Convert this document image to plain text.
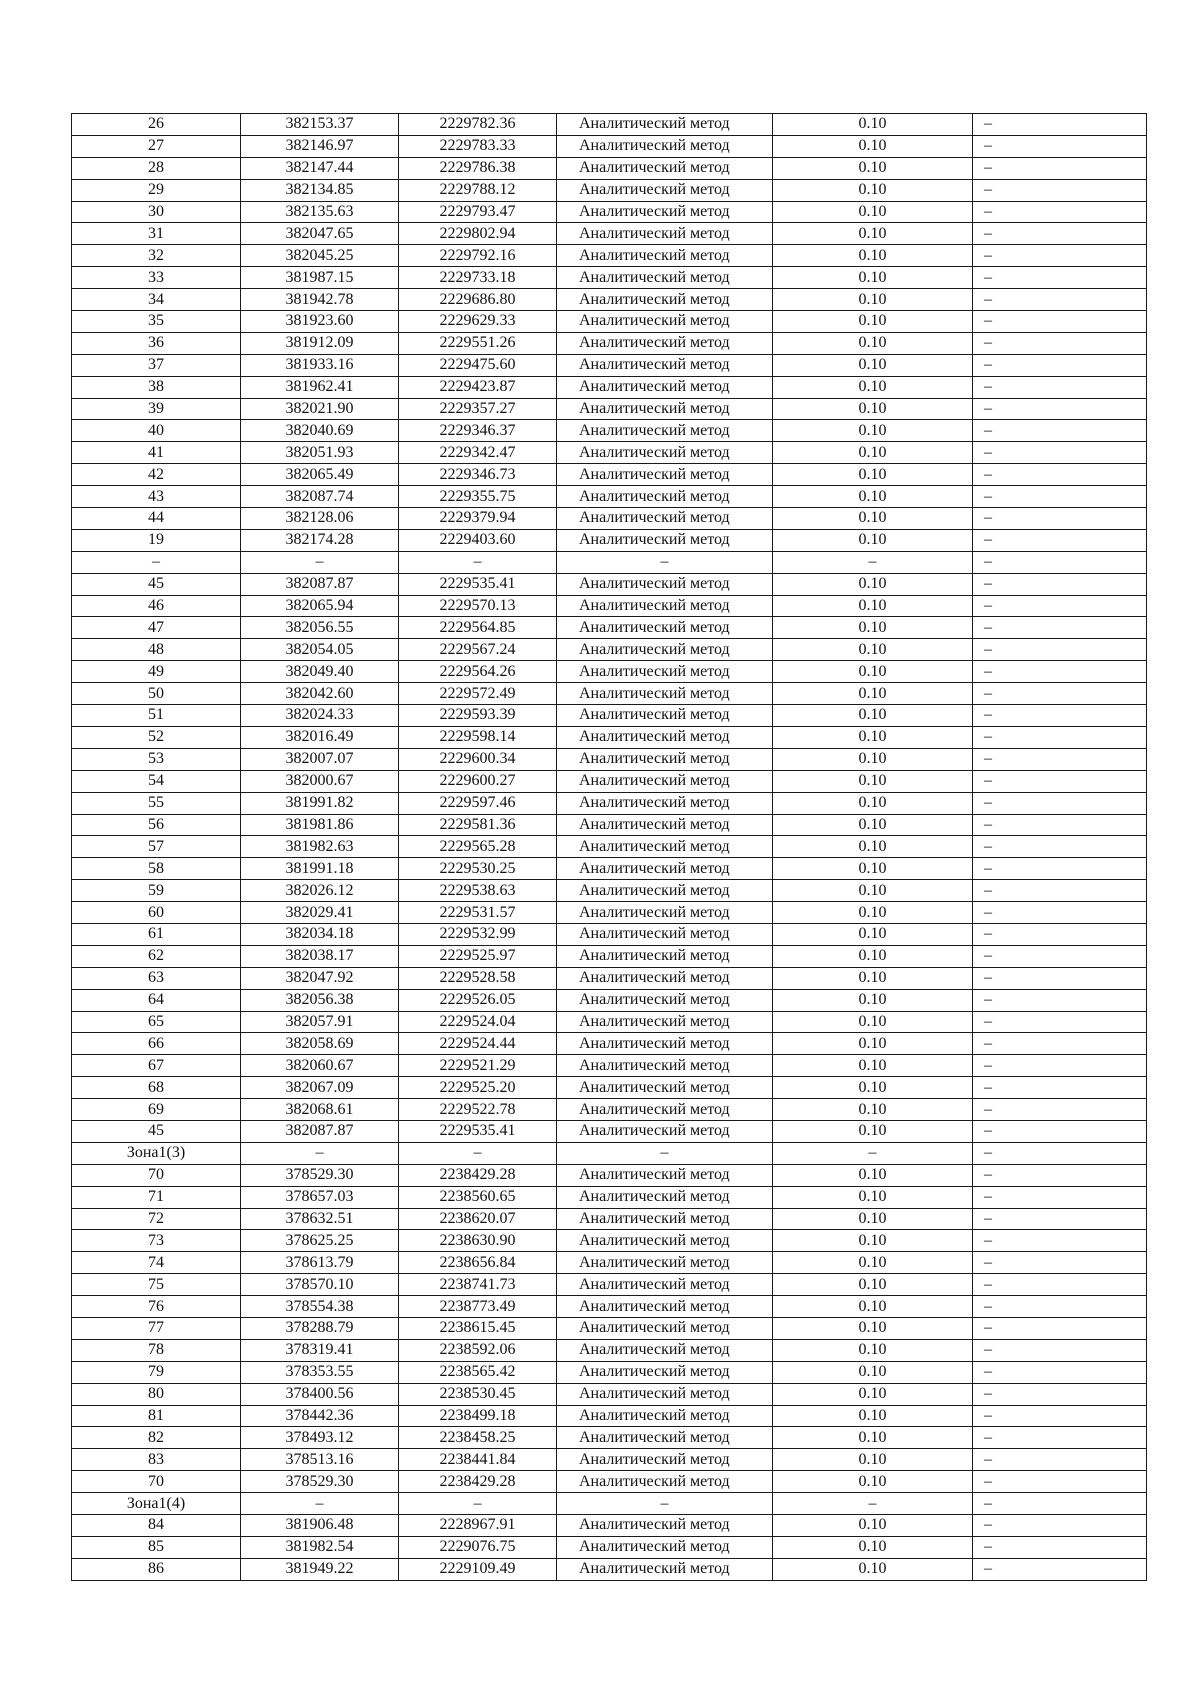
26	382153.37	2229782.36	Аналитический метод	0.10	–
27	382146.97	2229783.33	Аналитический метод	0.10	–
28	382147.44	2229786.38	Аналитический метод	0.10	–
29	382134.85	2229788.12	Аналитический метод	0.10	–
30	382135.63	2229793.47	Аналитический метод	0.10	–
31	382047.65	2229802.94	Аналитический метод	0.10	–
32	382045.25	2229792.16	Аналитический метод	0.10	–
33	381987.15	2229733.18	Аналитический метод	0.10	–
34	381942.78	2229686.80	Аналитический метод	0.10	–
35	381923.60	2229629.33	Аналитический метод	0.10	–
36	381912.09	2229551.26	Аналитический метод	0.10	–
37	381933.16	2229475.60	Аналитический метод	0.10	–
38	381962.41	2229423.87	Аналитический метод	0.10	–
39	382021.90	2229357.27	Аналитический метод	0.10	–
40	382040.69	2229346.37	Аналитический метод	0.10	–
41	382051.93	2229342.47	Аналитический метод	0.10	–
42	382065.49	2229346.73	Аналитический метод	0.10	–
43	382087.74	2229355.75	Аналитический метод	0.10	–
44	382128.06	2229379.94	Аналитический метод	0.10	–
19	382174.28	2229403.60	Аналитический метод	0.10	–
–	–	–	–	–	–
45	382087.87	2229535.41	Аналитический метод	0.10	–
46	382065.94	2229570.13	Аналитический метод	0.10	–
47	382056.55	2229564.85	Аналитический метод	0.10	–
48	382054.05	2229567.24	Аналитический метод	0.10	–
49	382049.40	2229564.26	Аналитический метод	0.10	–
50	382042.60	2229572.49	Аналитический метод	0.10	–
51	382024.33	2229593.39	Аналитический метод	0.10	–
52	382016.49	2229598.14	Аналитический метод	0.10	–
53	382007.07	2229600.34	Аналитический метод	0.10	–
54	382000.67	2229600.27	Аналитический метод	0.10	–
55	381991.82	2229597.46	Аналитический метод	0.10	–
56	381981.86	2229581.36	Аналитический метод	0.10	–
57	381982.63	2229565.28	Аналитический метод	0.10	–
58	381991.18	2229530.25	Аналитический метод	0.10	–
59	382026.12	2229538.63	Аналитический метод	0.10	–
60	382029.41	2229531.57	Аналитический метод	0.10	–
61	382034.18	2229532.99	Аналитический метод	0.10	–
62	382038.17	2229525.97	Аналитический метод	0.10	–
63	382047.92	2229528.58	Аналитический метод	0.10	–
64	382056.38	2229526.05	Аналитический метод	0.10	–
65	382057.91	2229524.04	Аналитический метод	0.10	–
66	382058.69	2229524.44	Аналитический метод	0.10	–
67	382060.67	2229521.29	Аналитический метод	0.10	–
68	382067.09	2229525.20	Аналитический метод	0.10	–
69	382068.61	2229522.78	Аналитический метод	0.10	–
45	382087.87	2229535.41	Аналитический метод	0.10	–
Зона1(3)	–	–	–	–	–
70	378529.30	2238429.28	Аналитический метод	0.10	–
71	378657.03	2238560.65	Аналитический метод	0.10	–
72	378632.51	2238620.07	Аналитический метод	0.10	–
73	378625.25	2238630.90	Аналитический метод	0.10	–
74	378613.79	2238656.84	Аналитический метод	0.10	–
75	378570.10	2238741.73	Аналитический метод	0.10	–
76	378554.38	2238773.49	Аналитический метод	0.10	–
77	378288.79	2238615.45	Аналитический метод	0.10	–
78	378319.41	2238592.06	Аналитический метод	0.10	–
79	378353.55	2238565.42	Аналитический метод	0.10	–
80	378400.56	2238530.45	Аналитический метод	0.10	–
81	378442.36	2238499.18	Аналитический метод	0.10	–
82	378493.12	2238458.25	Аналитический метод	0.10	–
83	378513.16	2238441.84	Аналитический метод	0.10	–
70	378529.30	2238429.28	Аналитический метод	0.10	–
Зона1(4)	–	–	–	–	–
84	381906.48	2228967.91	Аналитический метод	0.10	–
85	381982.54	2229076.75	Аналитический метод	0.10	–
86	381949.22	2229109.49	Аналитический метод	0.10	–
